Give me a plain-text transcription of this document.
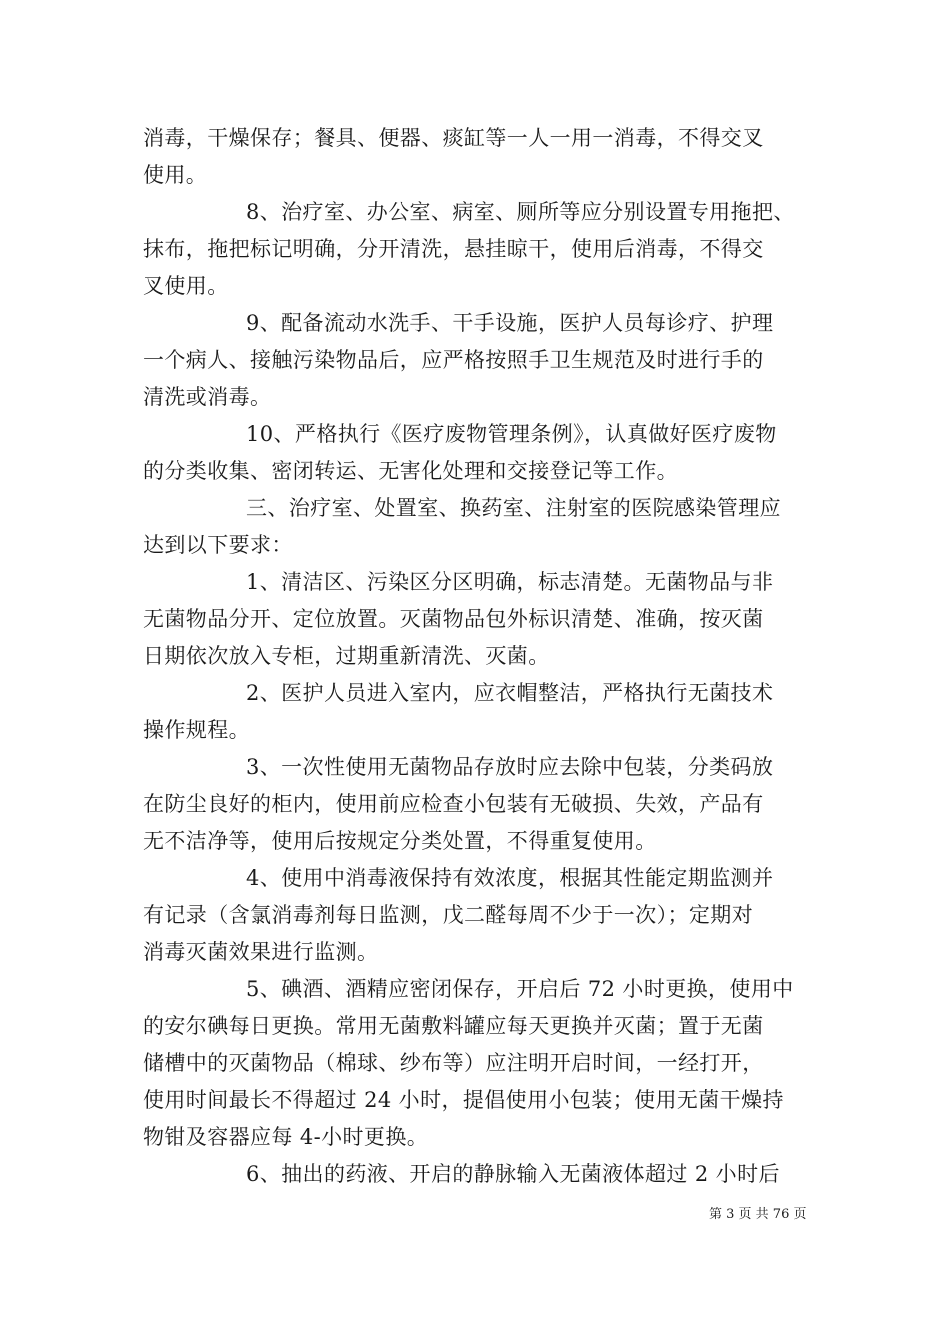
消毒，干燥保存；餐具、便器、痰缸等一人一用一消毒，不得交叉
使用。
8、治疗室、办公室、病室、厕所等应分别设置专用拖把、
抹布，拖把标记明确，分开清洗，悬挂晾干，使用后消毒，不得交
叉使用。
9、配备流动水洗手、干手设施，医护人员每诊疗、护理
一个病人、接触污染物品后，应严格按照手卫生规范及时进行手的
清洗或消毒。
10、严格执行《医疗废物管理条例》，认真做好医疗废物
的分类收集、密闭转运、无害化处理和交接登记等工作。
三、治疗室、处置室、换药室、注射室的医院感染管理应
达到以下要求：
1、清洁区、污染区分区明确，标志清楚。无菌物品与非
无菌物品分开、定位放置。灭菌物品包外标识清楚、准确，按灭菌
日期依次放入专柜，过期重新清洗、灭菌。
2、医护人员进入室内，应衣帽整洁，严格执行无菌技术
操作规程。
3、一次性使用无菌物品存放时应去除中包装，分类码放
在防尘良好的柜内，使用前应检查小包装有无破损、失效，产品有
无不洁净等，使用后按规定分类处置，不得重复使用。
4、使用中消毒液保持有效浓度，根据其性能定期监测并
有记录（含氯消毒剂每日监测，戊二醛每周不少于一次）；定期对
消毒灭菌效果进行监测。
5、碘酒、酒精应密闭保存，开启后 72 小时更换，使用中
的安尔碘每日更换。常用无菌敷料罐应每天更换并灭菌；置于无菌
储槽中的灭菌物品（棉球、纱布等）应注明开启时间，一经打开，
使用时间最长不得超过 24 小时，提倡使用小包装；使用无菌干燥持
物钳及容器应每 4-小时更换。
6、抽出的药液、开启的静脉输入无菌液体超过 2 小时后
第 3 页 共 76 页
